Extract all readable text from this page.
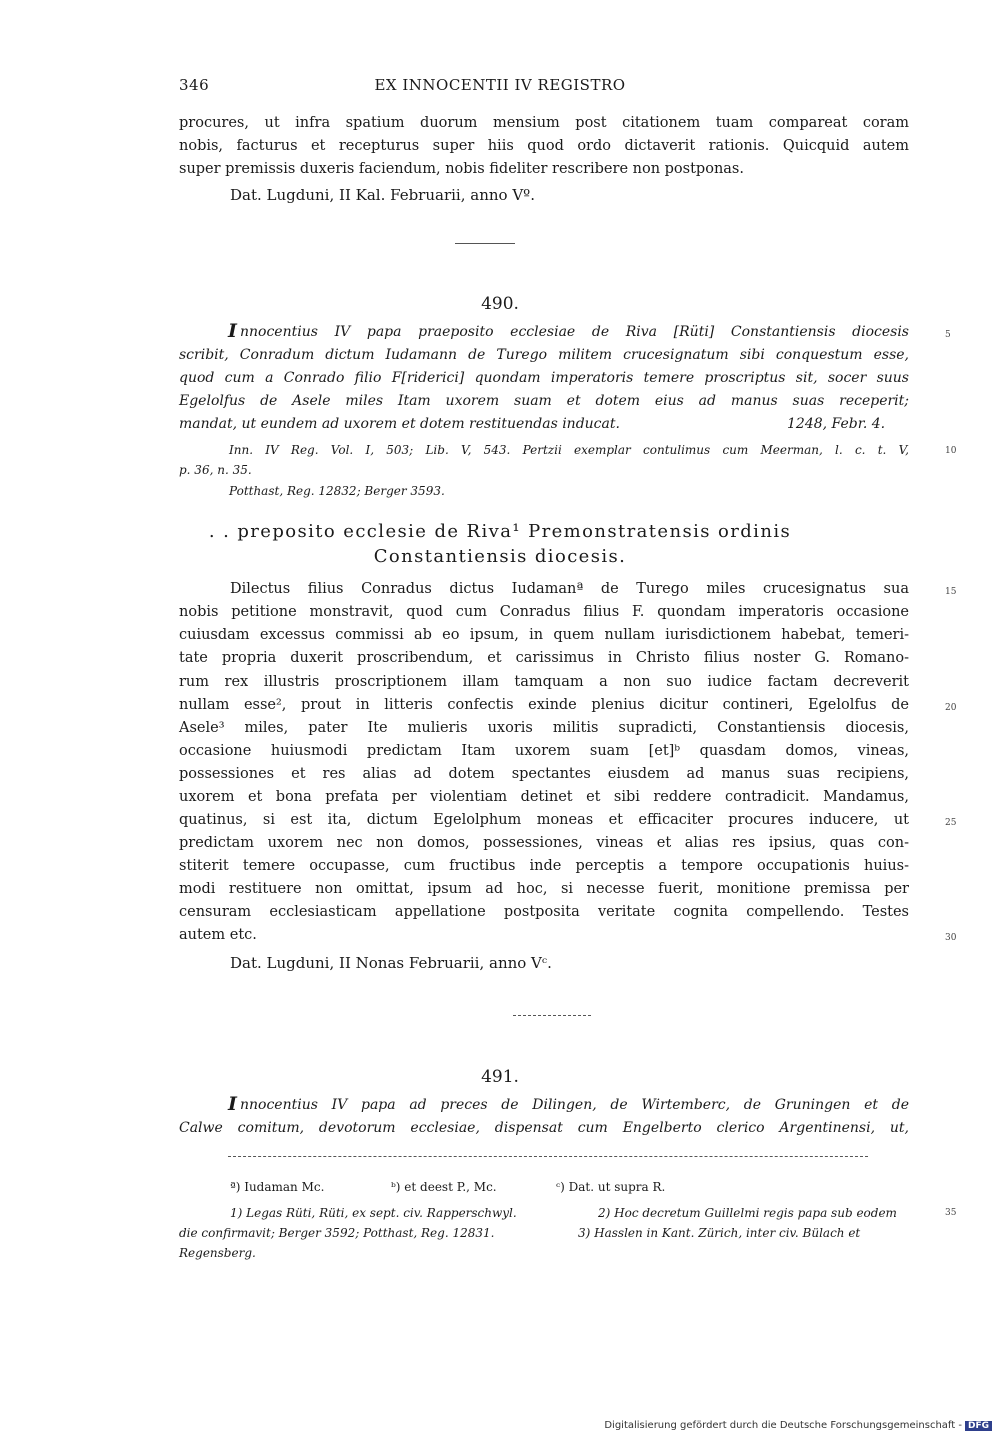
346	EX INNOCENTII IV REGISTRO
procures, ut infra spatium duorum mensium post citationem tuam compareat coram
nobis, facturus et recepturus super hiis quod ordo dictaverit rationis. Quicquid autem
super premissis duxeris faciendum, nobis fideliter rescribere non postponas.
Dat. Lugduni, II Kal. Februarii, anno Vº.
490.
I nnocentius IV papa praeposito ecclesiae de Riva [Rüti] Constantiensis diocesis
scribit, Conradum dictum Iudamann de Turego militem crucesignatum sibi conquestum esse,
quod cum a Conrado filio F[riderici] quondam imperatoris temere proscriptus sit, socer suus
Egelolfus de Asele miles Itam uxorem suam et dotem eius ad manus suas receperit;
mandat, ut eundem ad uxorem et dotem restituendas inducat.	1248, Febr. 4.
Inn. IV Reg. Vol. I, 503; Lib. V, 543. Pertzii exemplar contulimus cum Meerman, l. c. t. V,
p. 36, n. 35.
Potthast, Reg. 12832; Berger 3593.
. . preposito ecclesie de Riva¹ Premonstratensis ordinis
Constantiensis diocesis.
Dilectus filius Conradus dictus Iudamanª de Turego miles crucesignatus sua
nobis petitione monstravit, quod cum Conradus filius F. quondam imperatoris occasione
cuiusdam excessus commissi ab eo ipsum, in quem nullam iurisdictionem habebat, temeri-
tate propria duxerit proscribendum, et carissimus in Christo filius noster G. Romano-
rum rex illustris proscriptionem illam tamquam a non suo iudice factam decreverit
nullam esse², prout in litteris confectis exinde plenius dicitur contineri, Egelolfus de
Asele³ miles, pater Ite mulieris uxoris militis supradicti, Constantiensis diocesis,
occasione huiusmodi predictam Itam uxorem suam [et]ᵇ quasdam domos, vineas,
possessiones et res alias ad dotem spectantes eiusdem ad manus suas recipiens,
uxorem et bona prefata per violentiam detinet et sibi reddere contradicit. Mandamus,
quatinus, si est ita, dictum Egelolphum moneas et efficaciter procures inducere, ut
predictam uxorem nec non domos, possessiones, vineas et alias res ipsius, quas con-
stiterit temere occupasse, cum fructibus inde perceptis a tempore occupationis huius-
modi restituere non omittat, ipsum ad hoc, si necesse fuerit, monitione premissa per
censuram ecclesiasticam appellatione postposita veritate cognita compellendo. Testes
autem etc.
Dat. Lugduni, II Nonas Februarii, anno Vᶜ.
491.
I nnocentius IV papa ad preces de Dilingen, de Wirtemberc, de Gruningen et de
Calwe comitum, devotorum ecclesiae, dispensat cum Engelberto clerico Argentinensi, ut,
5
10
15
20
25
30
35
ª) Iudaman Mc.	ᵇ) et deest P., Mc.	ᶜ) Dat. ut supra R.
1) Legas Rüti, Rüti, ex sept. civ. Rapperschwyl.
die confirmavit; Berger 3592; Potthast, Reg. 12831.
2) Hoc decretum Guillelmi regis papa sub eodem
3) Hasslen in Kant. Zürich, inter civ. Bülach et
Regensberg.
Digitalisierung gefördert durch die Deutsche Forschungsgemeinschaft - DFG
